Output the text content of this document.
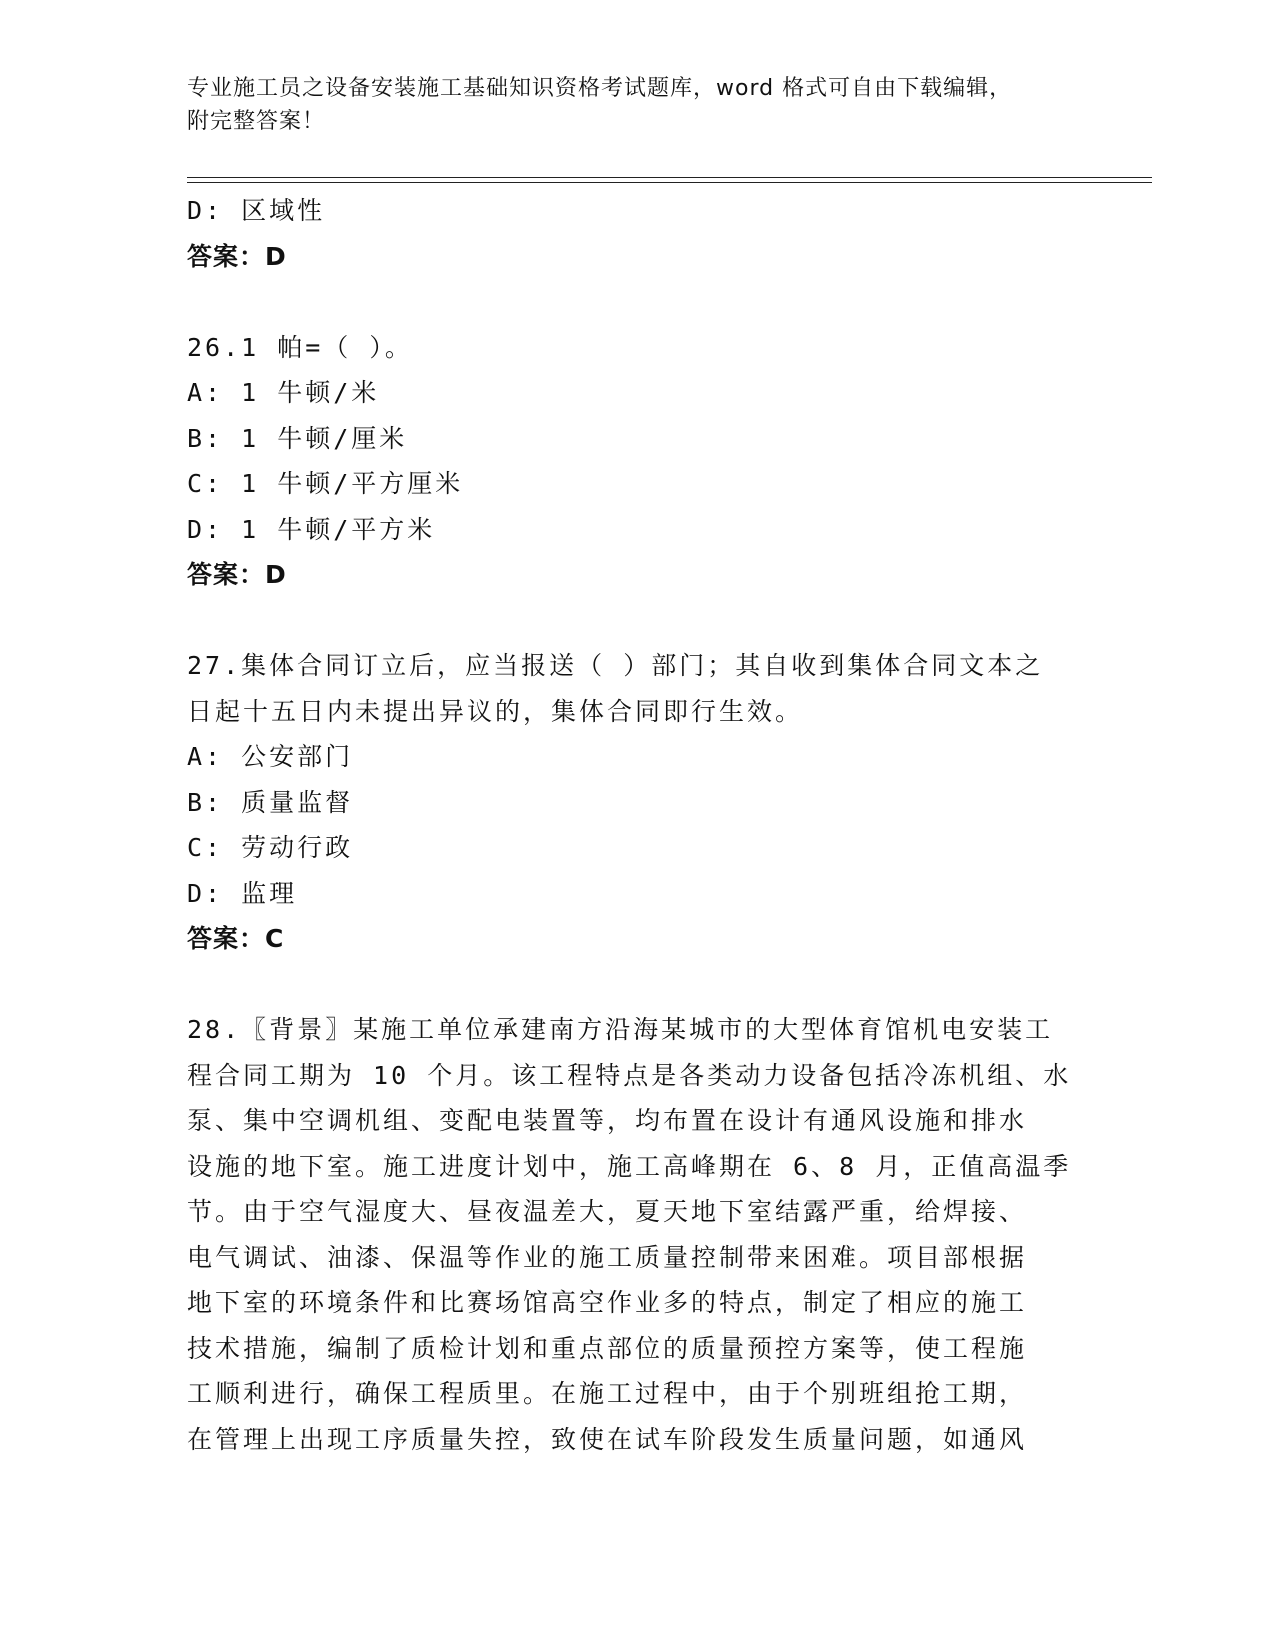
专业施工员之设备安装施工基础知识资格考试题库，word 格式可自由下载编辑，
附完整答案！
D: 区域性
答案：D
26.1 帕=（ ）。
A: 1 牛顿/米
B: 1 牛顿/厘米
C: 1 牛顿/平方厘米
D: 1 牛顿/平方米
答案：D
27.集体合同订立后，应当报送（ ）部门；其自收到集体合同文本之
日起十五日内未提出异议的，集体合同即行生效。
A: 公安部门
B: 质量监督
C: 劳动行政
D: 监理
答案：C
28.〖背景〗某施工单位承建南方沿海某城市的大型体育馆机电安装工
程合同工期为 10 个月。该工程特点是各类动力设备包括冷冻机组、水
泵、集中空调机组、变配电装置等，均布置在设计有通风设施和排水
设施的地下室。施工进度计划中，施工高峰期在 6、8 月，正值高温季
节。由于空气湿度大、昼夜温差大，夏天地下室结露严重，给焊接、
电气调试、油漆、保温等作业的施工质量控制带来困难。项目部根据
地下室的环境条件和比赛场馆高空作业多的特点，制定了相应的施工
技术措施，编制了质检计划和重点部位的质量预控方案等，使工程施
工顺利进行，确保工程质里。在施工过程中，由于个别班组抢工期，
在管理上出现工序质量失控，致使在试车阶段发生质量问题，如通风
